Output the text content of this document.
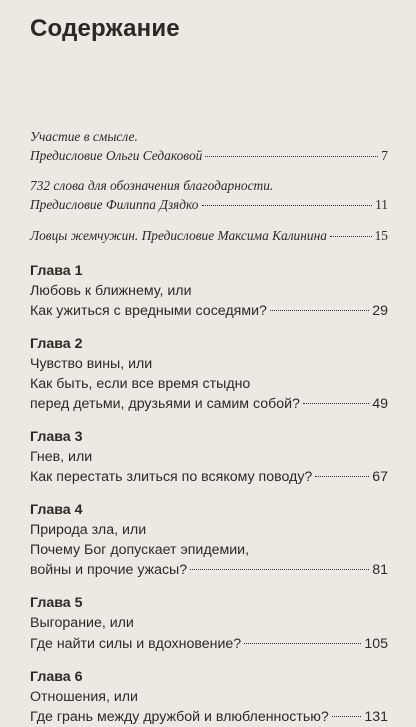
Содержание
Участие в смысле.
Предисловие Ольги Седаковой	7
732 слова для обозначения благодарности.
Предисловие Филиппа Дзядко	11
Ловцы жемчужин. Предисловие Максима Калинина	15
Глава 1
Любовь к ближнему, или
Как ужиться с вредными соседями?	29
Глава 2
Чувство вины, или
Как быть, если все время стыдно
перед детьми, друзьями и самим собой?	49
Глава 3
Гнев, или
Как перестать злиться по всякому поводу?	67
Глава 4
Природа зла, или
Почему Бог допускает эпидемии,
войны и прочие ужасы?	81
Глава 5
Выгорание, или
Где найти силы и вдохновение?	105
Глава 6
Отношения, или
Где грань между дружбой и влюбленностью?	131
